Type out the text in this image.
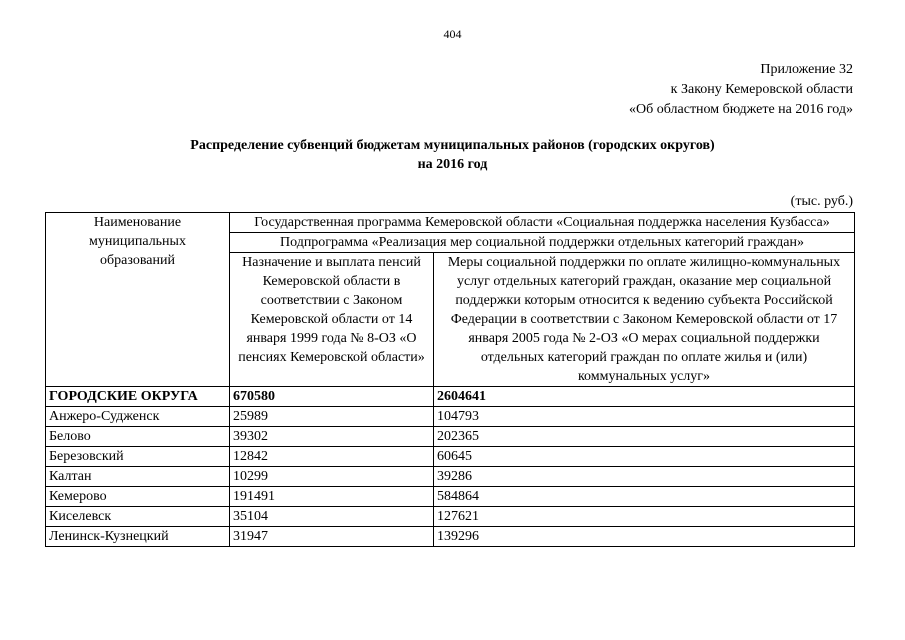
404
Приложение 32
к Закону Кемеровской области
«Об областном бюджете на 2016 год»
Распределение субвенций бюджетам муниципальных районов (городских округов)
на 2016 год
(тыс. руб.)
Наименование муниципальных образований	Государственная программа Кемеровской области «Социальная поддержка населения Кузбасса»	
	Подпрограмма «Реализация мер социальной поддержки отдельных категорий граждан»	
	Назначение и выплата пенсий Кемеровской области в соответствии с Законом Кемеровской области от 14 января 1999 года № 8-ОЗ «О пенсиях Кемеровской области»	Меры социальной поддержки по оплате жилищно-коммунальных услуг отдельных категорий граждан, оказание мер социальной поддержки которым относится к ведению субъекта Российской Федерации в соответствии с Законом Кемеровской области от 17 января 2005 года № 2-ОЗ «О мерах социальной поддержки отдельных категорий граждан по оплате жилья и (или) коммунальных услуг»
ГОРОДСКИЕ ОКРУГА	670580	2604641
Анжеро-Судженск	25989	104793
Белово	39302	202365
Березовский	12842	60645
Калтан	10299	39286
Кемерово	191491	584864
Киселевск	35104	127621
Ленинск-Кузнецкий	31947	139296
